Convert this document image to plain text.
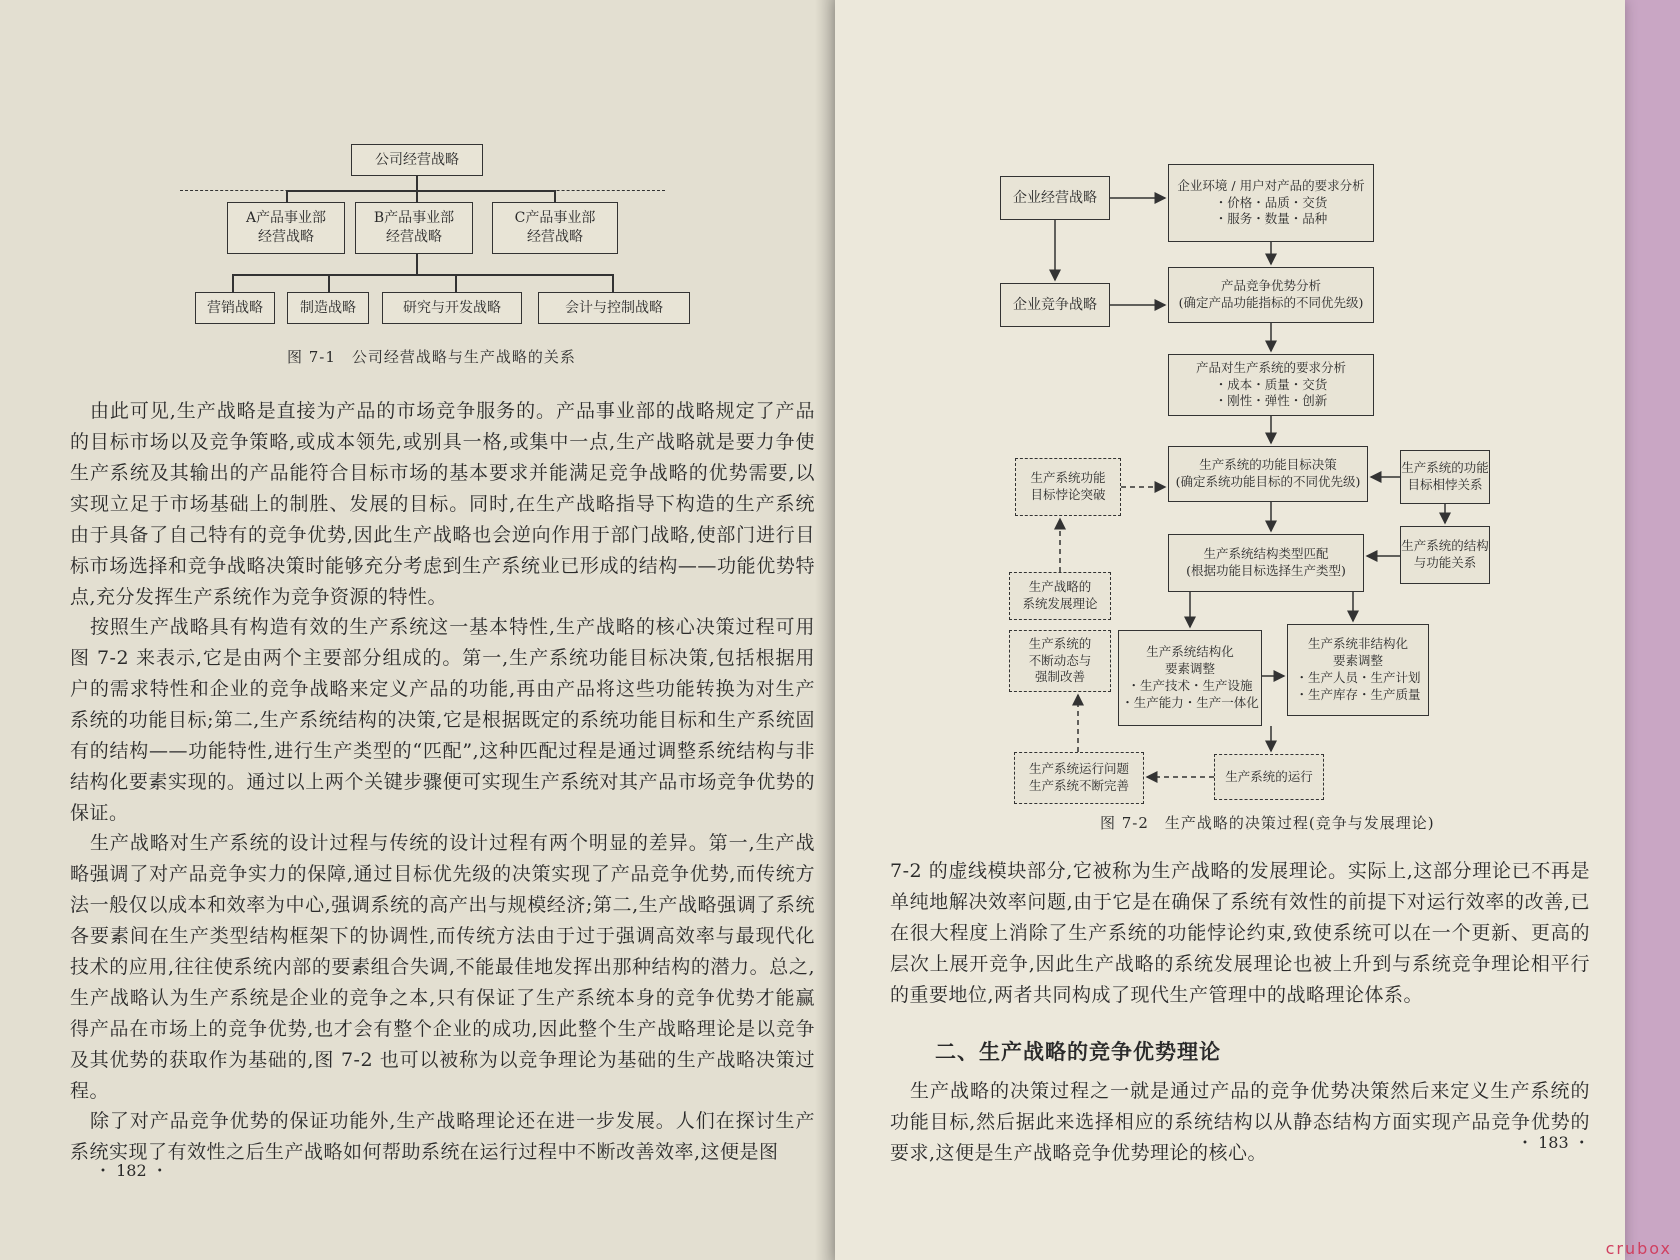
公司经营战略
A产品事业部
经营战略
B产品事业部
经营战略
C产品事业部
经营战略
营销战略	制造战略	研究与开发战略	会计与控制战略
图 7-1　公司经营战略与生产战略的关系
　由此可见,生产战略是直接为产品的市场竞争服务的。产品事业部的战略规定了产品的目标市场以及竞争策略,或成本领先,或别具一格,或集中一点,生产战略就是要力争使生产系统及其输出的产品能符合目标市场的基本要求并能满足竞争战略的优势需要,以实现立足于市场基础上的制胜、发展的目标。同时,在生产战略指导下构造的生产系统由于具备了自己特有的竞争优势,因此生产战略也会逆向作用于部门战略,使部门进行目标市场选择和竞争战略决策时能够充分考虑到生产系统业已形成的结构——功能优势特点,充分发挥生产系统作为竞争资源的特性。
　按照生产战略具有构造有效的生产系统这一基本特性,生产战略的核心决策过程可用图 7-2 来表示,它是由两个主要部分组成的。第一,生产系统功能目标决策,包括根据用户的需求特性和企业的竞争战略来定义产品的功能,再由产品将这些功能转换为对生产系统的功能目标;第二,生产系统结构的决策,它是根据既定的系统功能目标和生产系统固有的结构——功能特性,进行生产类型的“匹配”,这种匹配过程是通过调整系统结构与非结构化要素实现的。通过以上两个关键步骤便可实现生产系统对其产品市场竞争优势的保证。
　生产战略对生产系统的设计过程与传统的设计过程有两个明显的差异。第一,生产战略强调了对产品竞争实力的保障,通过目标优先级的决策实现了产品竞争优势,而传统方法一般仅以成本和效率为中心,强调系统的高产出与规模经济;第二,生产战略强调了系统各要素间在生产类型结构框架下的协调性,而传统方法由于过于强调高效率与最现代化技术的应用,往往使系统内部的要素组合失调,不能最佳地发挥出那种结构的潜力。总之,生产战略认为生产系统是企业的竞争之本,只有保证了生产系统本身的竞争优势才能赢得产品在市场上的竞争优势,也才会有整个企业的成功,因此整个生产战略理论是以竞争及其优势的获取作为基础的,图 7-2 也可以被称为以竞争理论为基础的生产战略决策过程。
　除了对产品竞争优势的保证功能外,生产战略理论还在进一步发展。人们在探讨生产系统实现了有效性之后生产战略如何帮助系统在运行过程中不断改善效率,这便是图
・ 182 ・
企业经营战略
企业竞争战略
企业环境 / 用户对产品的要求分析
・价格・品质・交货
・服务・数量・品种
产品竞争优势分析
(确定产品功能指标的不同优先级)
产品对生产系统的要求分析
・成本・质量・交货
・刚性・弹性・创新
生产系统的功能目标决策
(确定系统功能目标的不同优先级)
生产系统的功能
目标相悖关系
生产系统结构类型匹配
(根据功能目标选择生产类型)
生产系统的结构
与功能关系
生产系统结构化
要素调整
・生产技术・生产设施
・生产能力・生产一体化
生产系统非结构化
要素调整
・生产人员・生产计划
・生产库存・生产质量
生产系统功能
目标悖论突破
生产战略的
系统发展理论
生产系统的
不断动态与
强制改善
生产系统运行问题
生产系统不断完善
生产系统的运行
图 7-2　生产战略的决策过程(竞争与发展理论)
7-2 的虚线模块部分,它被称为生产战略的发展理论。实际上,这部分理论已不再是单纯地解决效率问题,由于它是在确保了系统有效性的前提下对运行效率的改善,已在很大程度上消除了生产系统的功能悖论约束,致使系统可以在一个更新、更高的层次上展开竞争,因此生产战略的系统发展理论也被上升到与系统竞争理论相平行的重要地位,两者共同构成了现代生产管理中的战略理论体系。
二、生产战略的竞争优势理论
　生产战略的决策过程之一就是通过产品的竞争优势决策然后来定义生产系统的功能目标,然后据此来选择相应的系统结构以从静态结构方面实现产品竞争优势的要求,这便是生产战略竞争优势理论的核心。	・ 183 ・
crubox
